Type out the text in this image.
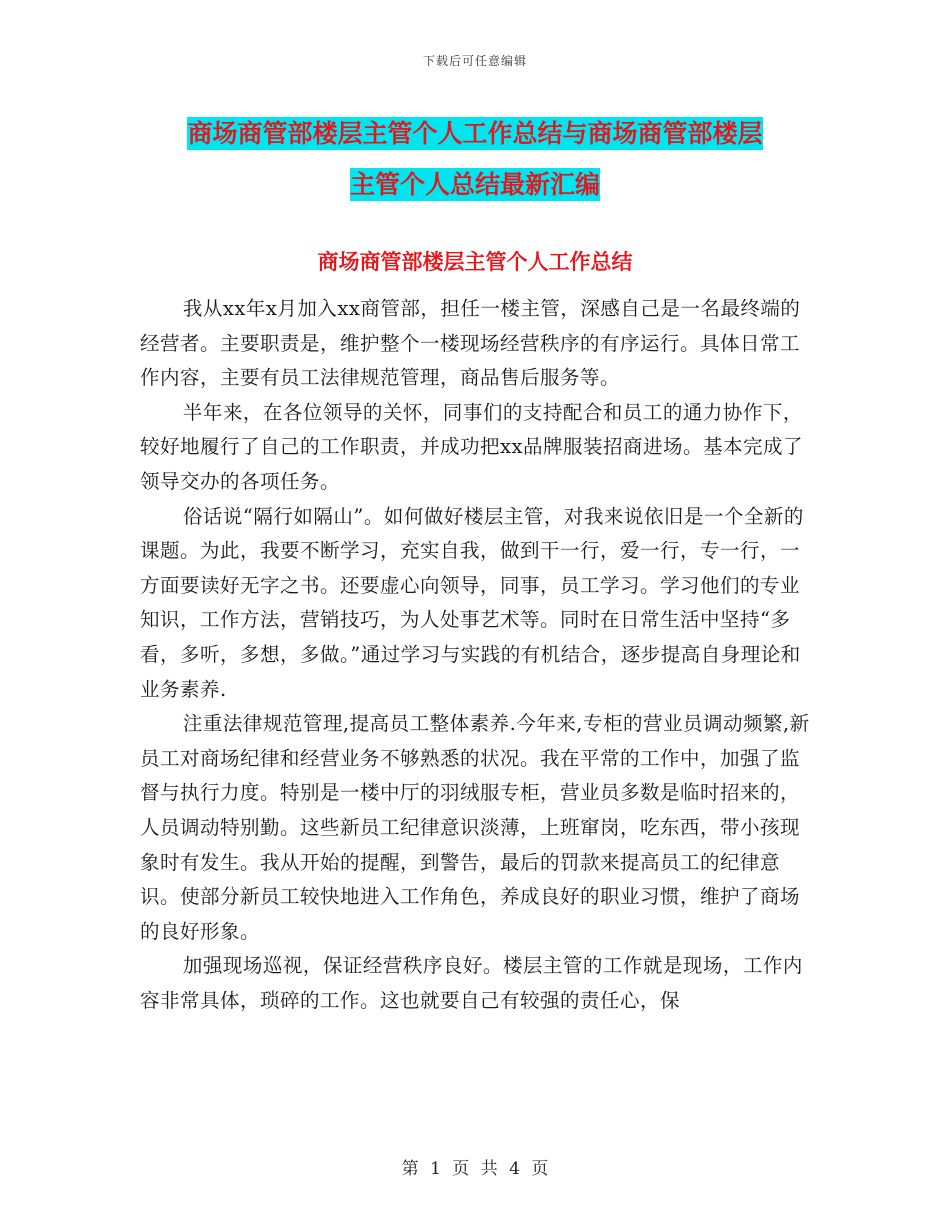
下载后可任意编辑
商场商管部楼层主管个人工作总结与商场商管部楼层
主管个人总结最新汇编
商场商管部楼层主管个人工作总结

我从xx年x月加入xx商管部，担任一楼主管，深感自己是一名最终端的经营者。主要职责是，维护整个一楼现场经营秩序的有序运行。具体日常工作内容，主要有员工法律规范管理，商品售后服务等。

半年来，在各位领导的关怀，同事们的支持配合和员工的通力协作下，较好地履行了自己的工作职责，并成功把xx品牌服装招商进场。基本完成了领导交办的各项任务。

俗话说“隔行如隔山”。如何做好楼层主管，对我来说依旧是一个全新的课题。为此，我要不断学习，充实自我，做到干一行，爱一行，专一行，一方面要读好无字之书。还要虚心向领导，同事，员工学习。学习他们的专业知识，工作方法，营销技巧，为人处事艺术等。同时在日常生活中坚持“多看，多听，多想，多做。”通过学习与实践的有机结合，逐步提高自身理论和业务素养.

注重法律规范管理,提高员工整体素养.今年来,专柜的营业员调动频繁,新员工对商场纪律和经营业务不够熟悉的状况。我在平常的工作中，加强了监督与执行力度。特别是一楼中厅的羽绒服专柜，营业员多数是临时招来的，人员调动特别勤。这些新员工纪律意识淡薄，上班窜岗，吃东西，带小孩现象时有发生。我从开始的提醒，到警告，最后的罚款来提高员工的纪律意识。使部分新员工较快地进入工作角色，养成良好的职业习惯，维护了商场的良好形象。

加强现场巡视，保证经营秩序良好。楼层主管的工作就是现场，工作内容非常具体，琐碎的工作。这也就要自己有较强的责任心，保

第 1 页 共 4 页
